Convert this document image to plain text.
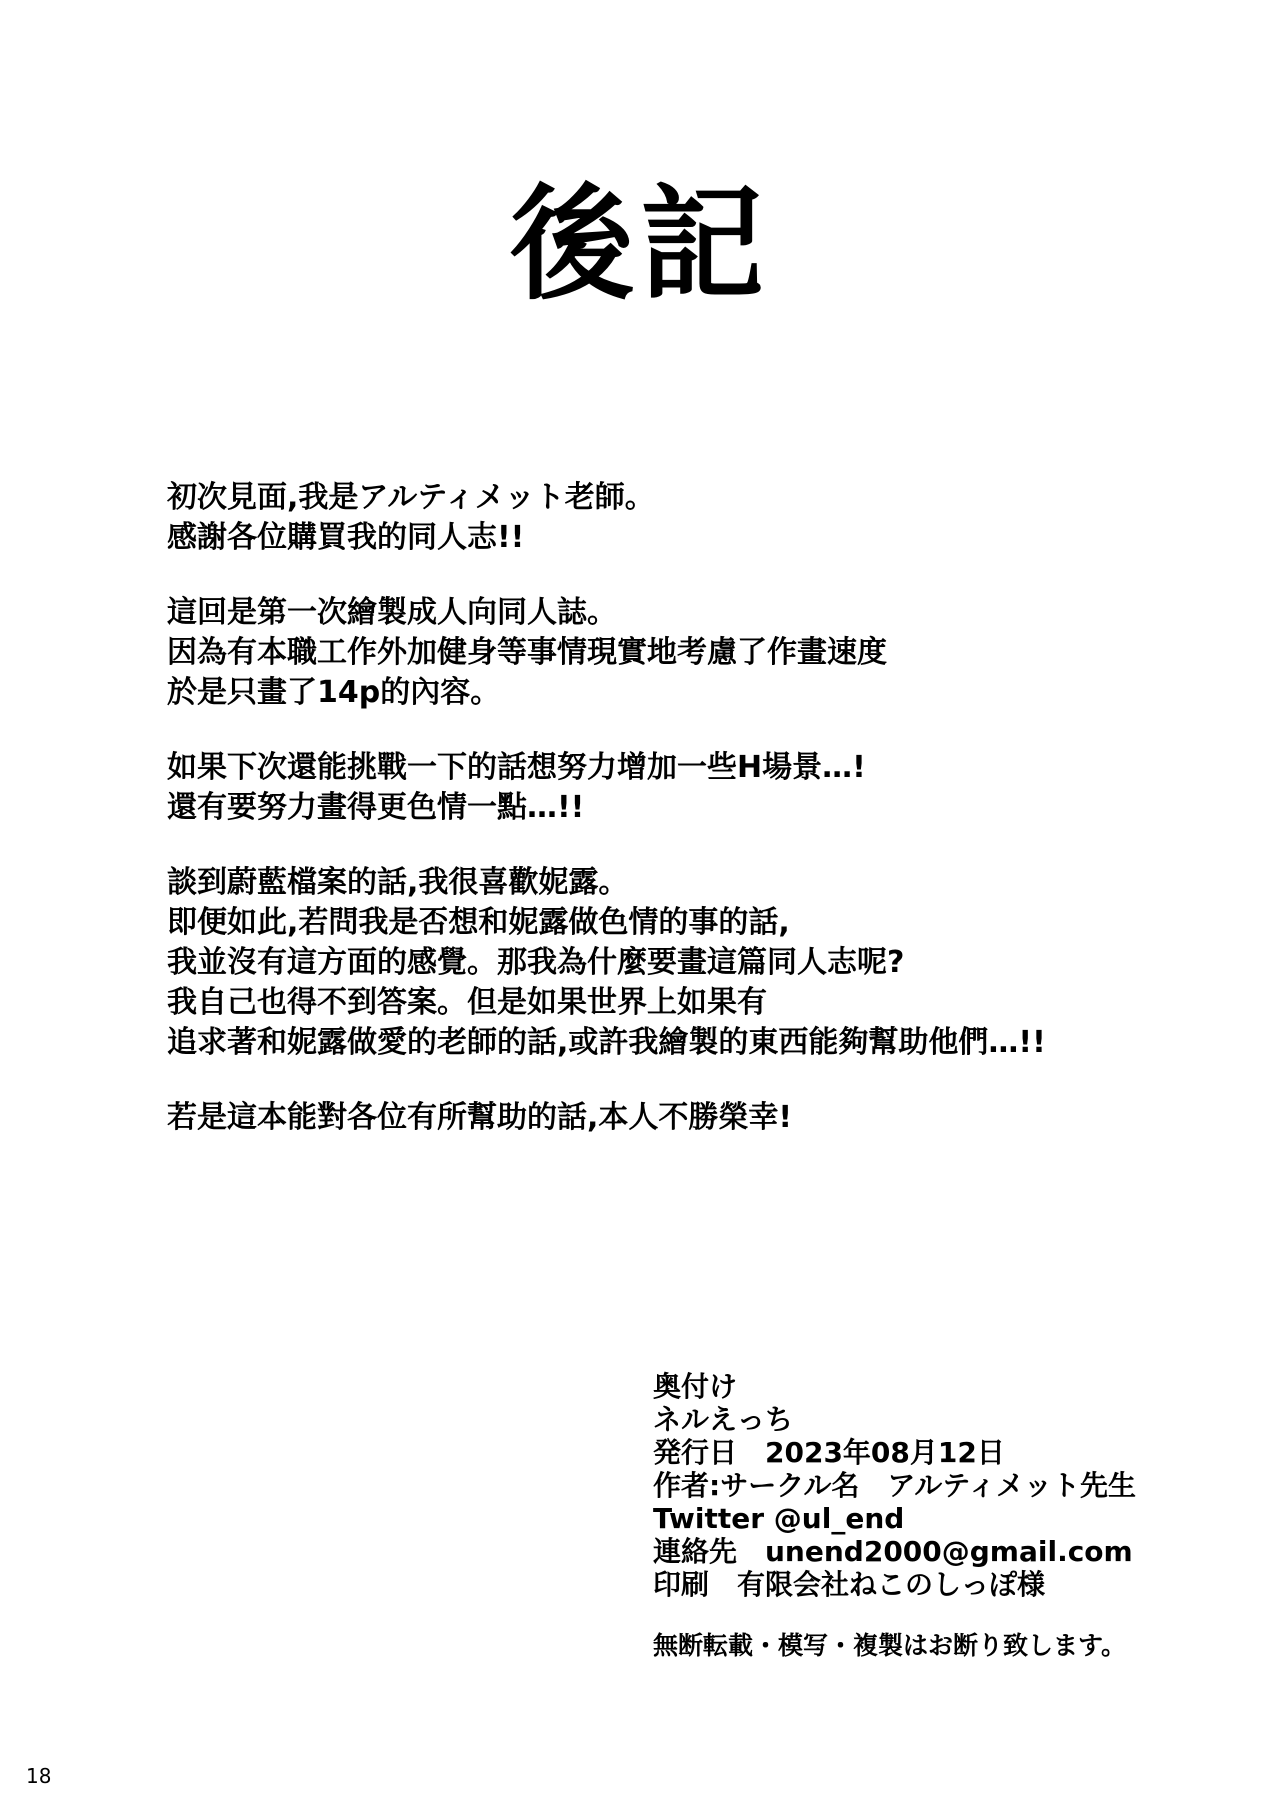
後記
初次見面,我是アルティメット老師。
感謝各位購買我的同人志!!
這回是第一次繪製成人向同人誌。
因為有本職工作外加健身等事情現實地考慮了作畫速度
於是只畫了14p的內容。
如果下次還能挑戰一下的話想努力增加一些H場景…!
還有要努力畫得更色情一點…!!
談到蔚藍檔案的話,我很喜歡妮露。
即便如此,若問我是否想和妮露做色情的事的話,
我並沒有這方面的感覺。那我為什麼要畫這篇同人志呢?
我自己也得不到答案。但是如果世界上如果有
追求著和妮露做愛的老師的話,或許我繪製的東西能夠幫助他們…!!
若是這本能對各位有所幫助的話,本人不勝榮幸!
奥付け
ネルえっち
発行日　2023年08月12日
作者:サークル名　アルティメット先生
Twitter @ul_end
連絡先　unend2000@gmail.com
印刷　有限会社ねこのしっぽ様
無断転載・模写・複製はお断り致します。
18
